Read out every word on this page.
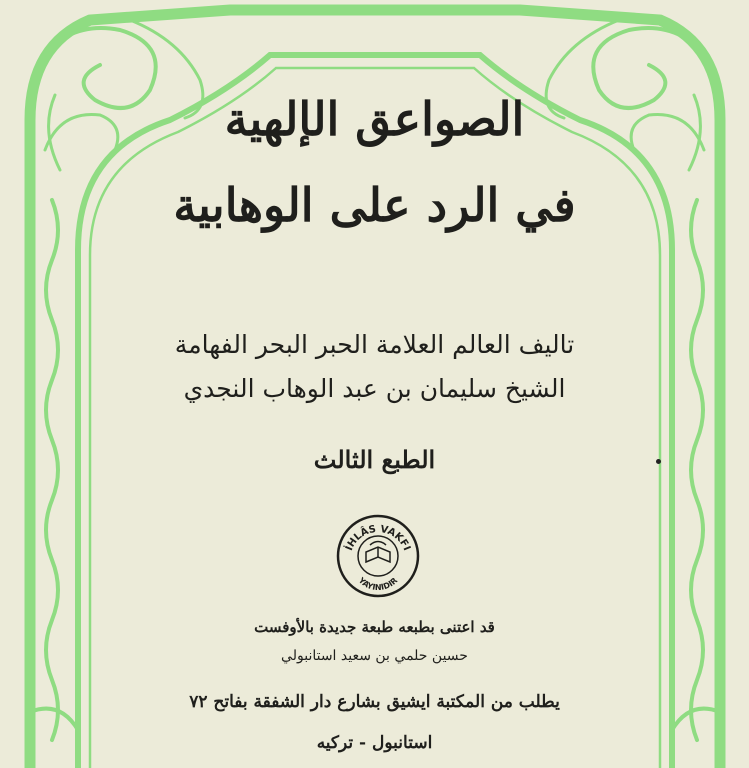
الصواعق الإلهية
في الرد على الوهابية
تاليف العالم العلامة الحبر البحر الفهامة
الشيخ سليمان بن عبد الوهاب النجدي
الطبع الثالث
İHLÂS VAKFI
YAYINIDIR
قد اعتنى بطبعه طبعة جديدة بالأوفست
حسين حلمي بن سعيد استانبولي
يطلب من المكتبة ايشيق بشارع دار الشفقة بفاتح ٧٢
استانبول - تركيه
